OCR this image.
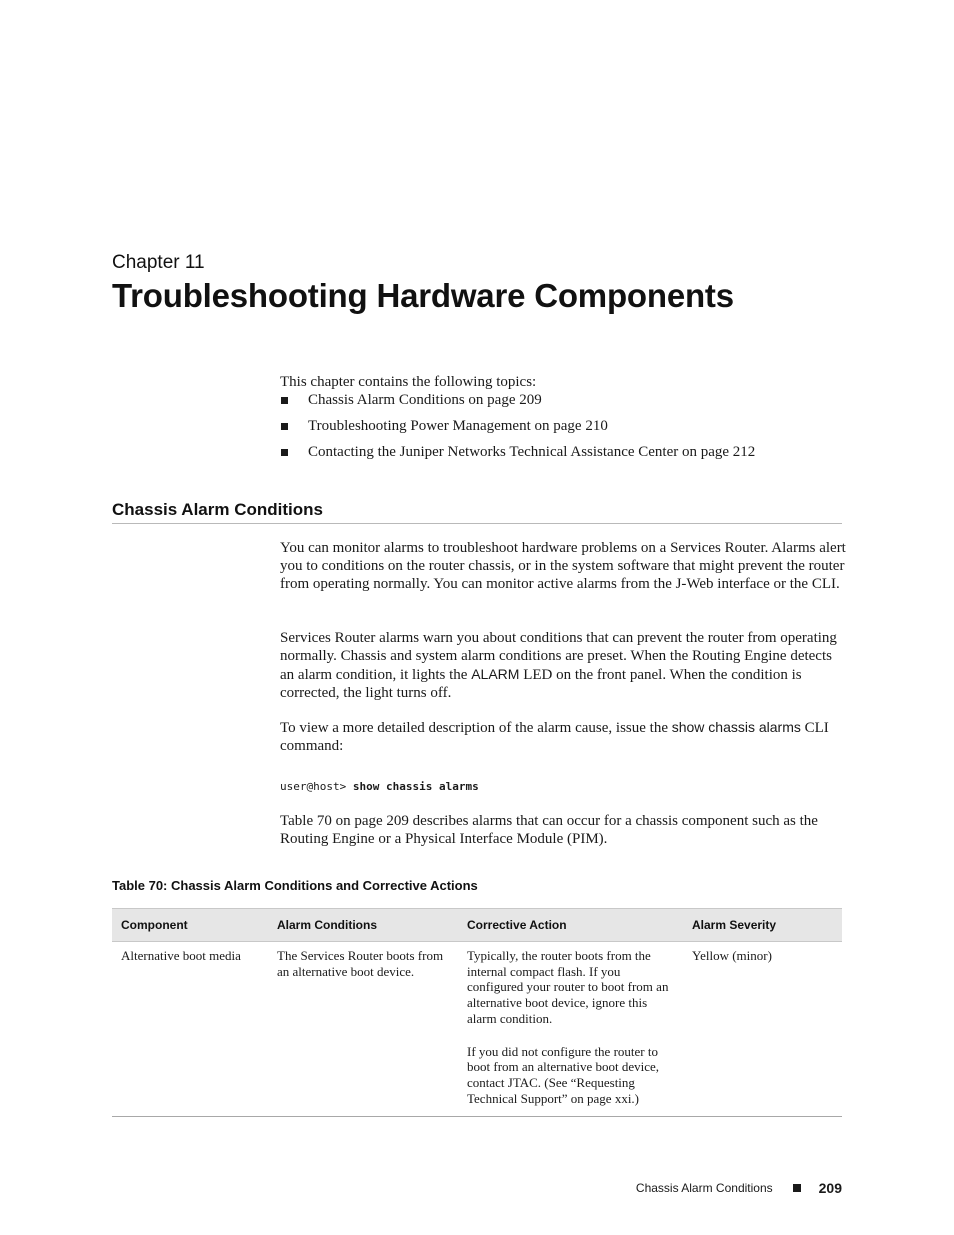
Chapter 11
Troubleshooting Hardware Components

This chapter contains the following topics:

Chassis Alarm Conditions on page 209
Troubleshooting Power Management on page 210
Contacting the Juniper Networks Technical Assistance Center on page 212
Chassis Alarm Conditions

You can monitor alarms to troubleshoot hardware problems on a Services Router. Alarms alert you to conditions on the router chassis, or in the system software that might prevent the router from operating normally. You can monitor active alarms from the J-Web interface or the CLI.

Services Router alarms warn you about conditions that can prevent the router from operating normally. Chassis and system alarm conditions are preset. When the Routing Engine detects an alarm condition, it lights the ALARM LED on the front panel. When the condition is corrected, the light turns off.

To view a more detailed description of the alarm cause, issue the show chassis alarms CLI command:

user@host> show chassis alarms

Table 70 on page 209 describes alarms that can occur for a chassis component such as the Routing Engine or a Physical Interface Module (PIM).

Table 70: Chassis Alarm Conditions and Corrective Actions
Component	Alarm Conditions	Corrective Action	Alarm Severity
Alternative boot media	The Services Router boots from an alternative boot device.	Typically, the router boots from the internal compact flash. If you configured your router to boot from an alternative boot device, ignore this alarm condition.

If you did not configure the router to boot from an alternative boot device, contact JTAC. (See “Requesting Technical Support” on page xxi.)	Yellow (minor)
Chassis Alarm Conditions	209
